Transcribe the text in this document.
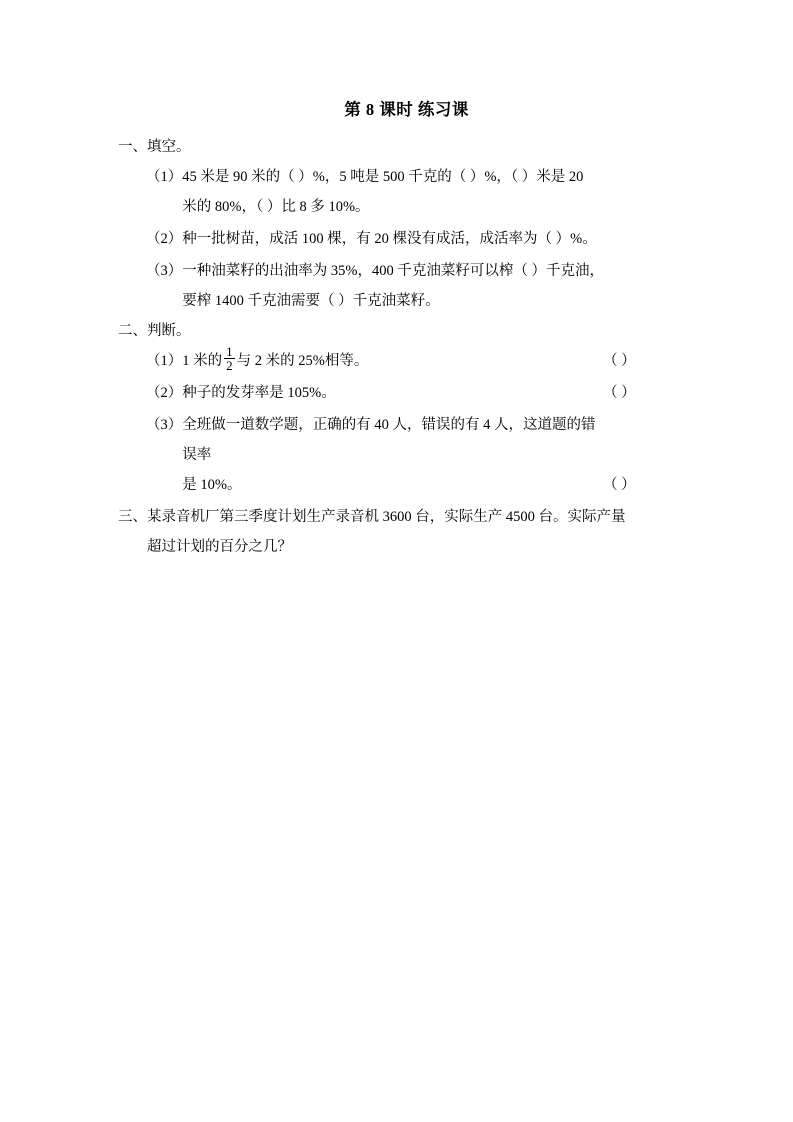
第 8 课时 练习课
一、填空。
（1） 45 米是 90 米的（ ）%，5 吨是 500 千克的（ ）%，（ ）米是 20
米的 80%，（ ）比 8 多 10%。
（2） 种一批树苗，成活 100 棵，有 20 棵没有成活，成活率为（ ）%。
（3） 一种油菜籽的出油率为 35%，400 千克油菜籽可以榨（ ）千克油，
要榨 1400 千克油需要（ ）千克油菜籽。
二、判断。
（1） 1 米的 $\frac{1}{2}$ 与 2 米的 25%相等。	（ ）
（2） 种子的发芽率是 105%。	（ ）
（3） 全班做一道数学题，正确的有 40 人，错误的有 4 人，这道题的错误率
是 10%。	（ ）
三、 某录音机厂第三季度计划生产录音机 3600 台，实际生产 4500 台。实际产量
超过计划的百分之几？
